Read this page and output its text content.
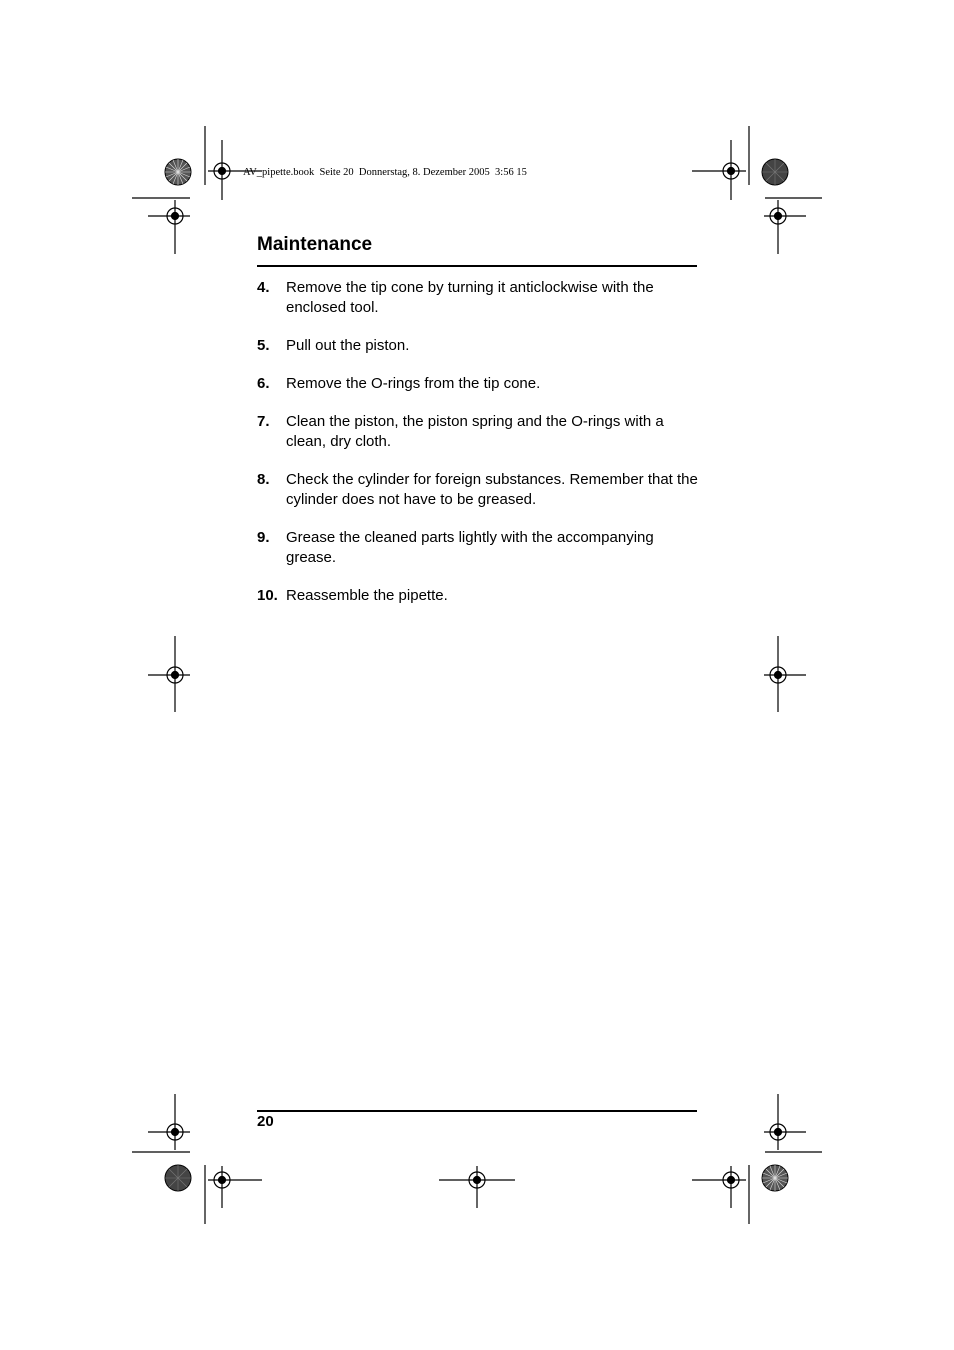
AV_pipette.book  Seite 20  Donnerstag, 8. Dezember 2005  3:56 15
Maintenance
4. Remove the tip cone by turning it anticlockwise with the enclosed tool.
5. Pull out the piston.
6. Remove the O-rings from the tip cone.
7. Clean the piston, the piston spring and the O-rings with a clean, dry cloth.
8. Check the cylinder for foreign substances. Remember that the cylinder does not have to be greased.
9. Grease the cleaned parts lightly with the accompanying grease.
10. Reassemble the pipette.
20
